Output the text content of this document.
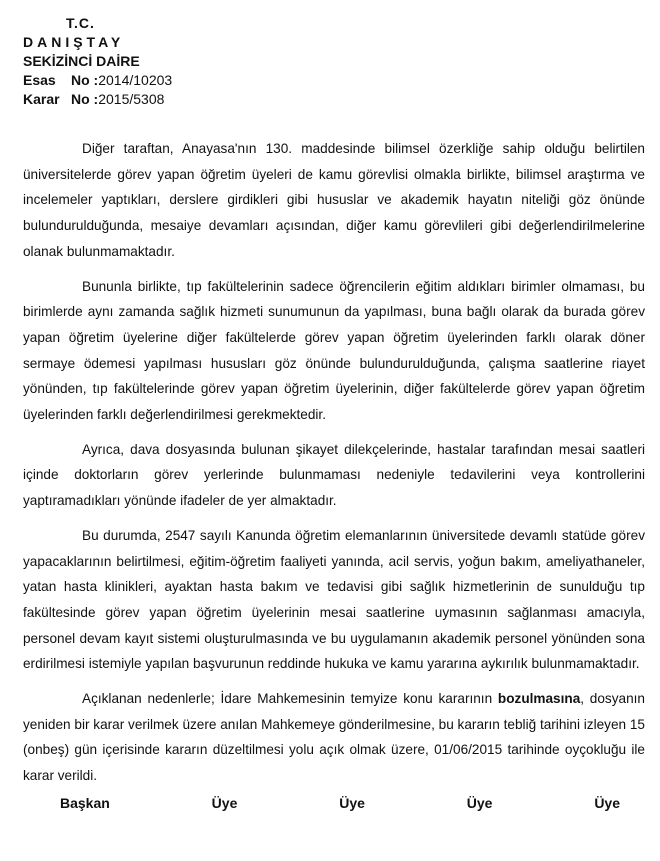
T.C.
DANIŞTAY
SEKİZİNCİ DAİRE
Esas	No : 2014/10203
Karar No : 2015/5308

Diğer taraftan, Anayasa'nın 130. maddesinde bilimsel özerkliğe sahip olduğu belirtilen üniversitelerde görev yapan öğretim üyeleri de kamu görevlisi olmakla birlikte, bilimsel araştırma ve incelemeler yaptıkları, derslere girdikleri gibi hususlar ve akademik hayatın niteliği göz önünde bulundurulduğunda, mesaiye devamları açısından, diğer kamu görevlileri gibi değerlendirilmelerine olanak bulunmamaktadır.

Bununla birlikte, tıp fakültelerinin sadece öğrencilerin eğitim aldıkları birimler olmaması, bu birimlerde aynı zamanda sağlık hizmeti sunumunun da yapılması, buna bağlı olarak da burada görev yapan öğretim üyelerine diğer fakültelerde görev yapan öğretim üyelerinden farklı olarak döner sermaye ödemesi yapılması hususları göz önünde bulundurulduğunda, çalışma saatlerine riayet yönünden, tıp fakültelerinde görev yapan öğretim üyelerinin, diğer fakültelerde görev yapan öğretim üyelerinden farklı değerlendirilmesi gerekmektedir.

Ayrıca, dava dosyasında bulunan şikayet dilekçelerinde, hastalar tarafından mesai saatleri içinde doktorların görev yerlerinde bulunmaması nedeniyle tedavilerini veya kontrollerini yaptıramadıkları yönünde ifadeler de yer almaktadır.

Bu durumda, 2547 sayılı Kanunda öğretim elemanlarının üniversitede devamlı statüde görev yapacaklarının belirtilmesi, eğitim-öğretim faaliyeti yanında, acil servis, yoğun bakım, ameliyathaneler, yatan hasta klinikleri, ayaktan hasta bakım ve tedavisi gibi sağlık hizmetlerinin de sunulduğu tıp fakültesinde görev yapan öğretim üyelerinin mesai saatlerine uymasının sağlanması amacıyla, personel devam kayıt sistemi oluşturulmasında ve bu uygulamanın akademik personel yönünden sona erdirilmesi istemiyle yapılan başvurunun reddinde hukuka ve kamu yararına aykırılık bulunmamaktadır.

Açıklanan nedenlerle; İdare Mahkemesinin temyize konu kararının bozulmasına, dosyanın yeniden bir karar verilmek üzere anılan Mahkemeye gönderilmesine, bu kararın tebliğ tarihini izleyen 15 (onbeş) gün içerisinde kararın düzeltilmesi yolu açık olmak üzere, 01/06/2015 tarihinde oyçokluğu ile karar verildi.

Başkan	Üye	Üye	Üye	Üye
